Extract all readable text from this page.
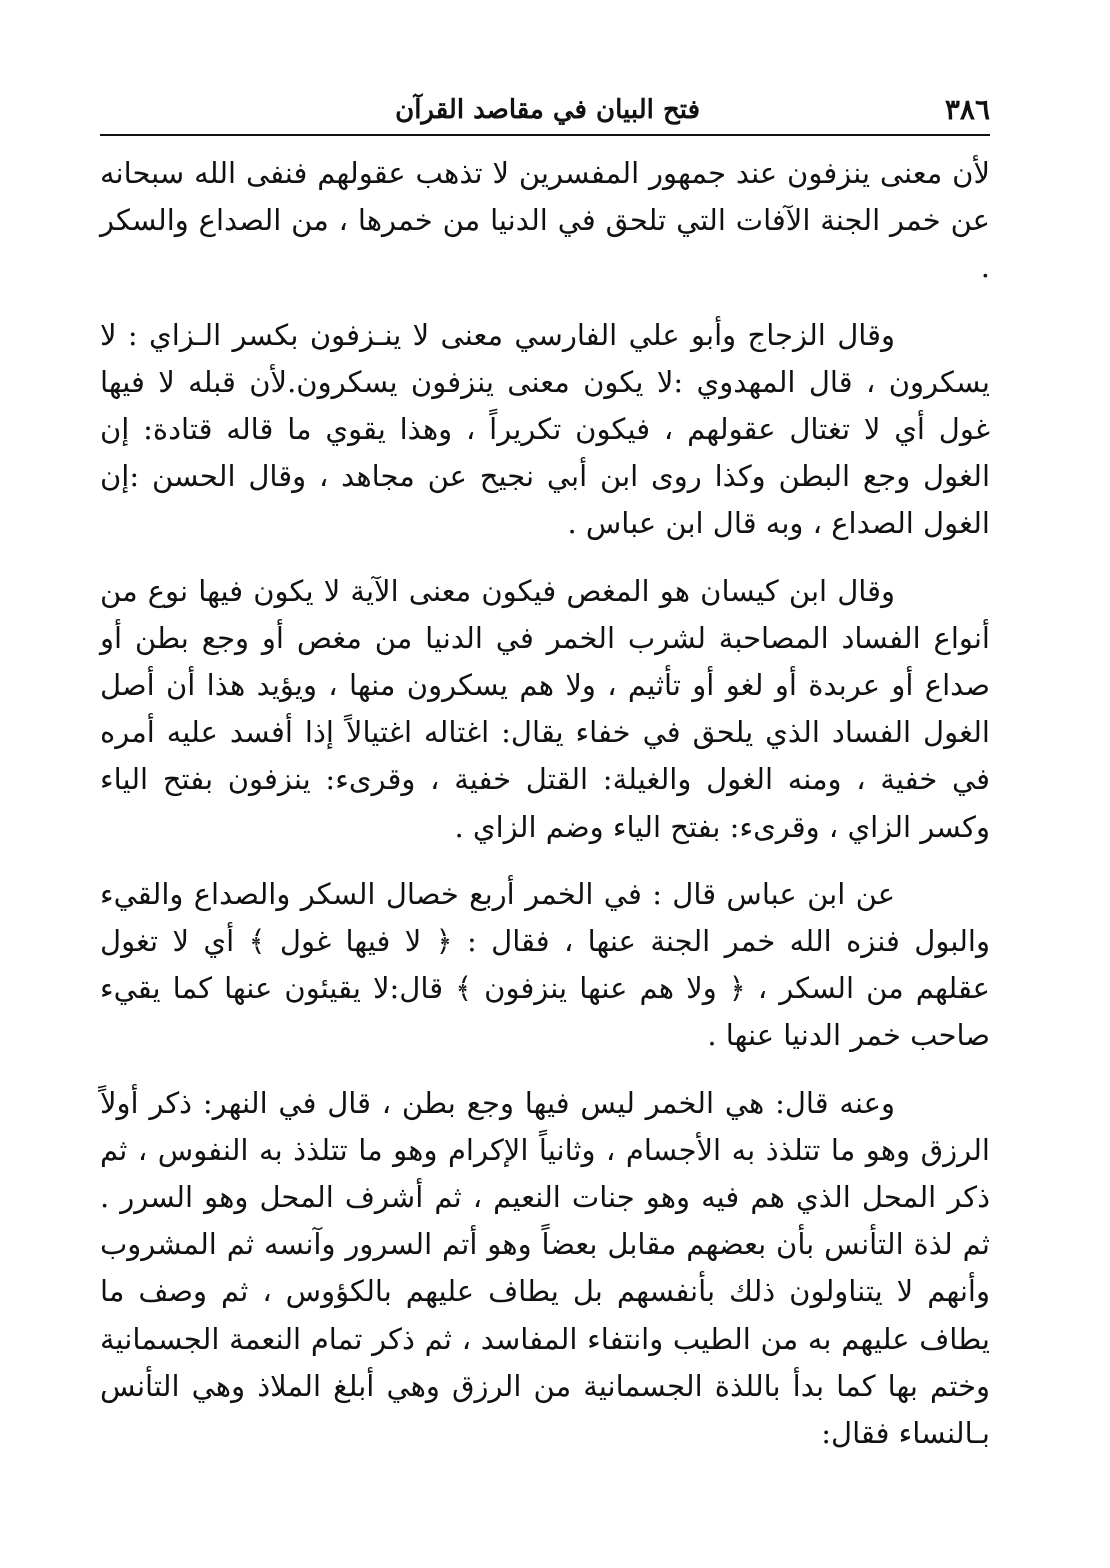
٣٨٦
فتح البيان في مقاصد القرآن

لأن معنى ينزفون عند جمهور المفسرين لا تذهب عقولهم فنفى الله سبحانه عن خمر الجنة الآفات التي تلحق في الدنيا من خمرها ، من الصداع والسكر .

وقال الزجاج وأبو علي الفارسي معنى لا ينـزفون بكسر الـزاي : لا يسكرون ، قال المهدوي :لا يكون معنى ينزفون يسكرون.لأن قبله لا فيها غول أي لا تغتال عقولهم ، فيكون تكريراً ، وهذا يقوي ما قاله قتادة: إن الغول وجع البطن وكذا روى ابن أبي نجيح عن مجاهد ، وقال الحسن :إن الغول الصداع ، وبه قال ابن عباس .

وقال ابن كيسان هو المغص فيكون معنى الآية لا يكون فيها نوع من أنواع الفساد المصاحبة لشرب الخمر في الدنيا من مغص أو وجع بطن أو صداع أو عربدة أو لغو أو تأثيم ، ولا هم يسكرون منها ، ويؤيد هذا أن أصل الغول الفساد الذي يلحق في خفاء يقال: اغتاله اغتيالاً إذا أفسد عليه أمره في خفية ، ومنه الغول والغيلة: القتل خفية ، وقرىء: ينزفون بفتح الياء وكسر الزاي ، وقرىء: بفتح الياء وضم الزاي .

عن ابن عباس قال : في الخمر أربع خصال السكر والصداع والقيء والبول فنزه الله خمر الجنة عنها ، فقال : ﴿ لا فيها غول ﴾ أي لا تغول عقلهم من السكر ، ﴿ ولا هم عنها ينزفون ﴾ قال:لا يقيئون عنها كما يقيء صاحب خمر الدنيا عنها .

وعنه قال: هي الخمر ليس فيها وجع بطن ، قال في النهر: ذكر أولاً الرزق وهو ما تتلذذ به الأجسام ، وثانياً الإكرام وهو ما تتلذذ به النفوس ، ثم ذكر المحل الذي هم فيه وهو جنات النعيم ، ثم أشرف المحل وهو السرر . ثم لذة التأنس بأن بعضهم مقابل بعضاً وهو أتم السرور وآنسه ثم المشروب وأنهم لا يتناولون ذلك بأنفسهم بل يطاف عليهم بالكؤوس ، ثم وصف ما يطاف عليهم به من الطيب وانتفاء المفاسد ، ثم ذكر تمام النعمة الجسمانية وختم بها كما بدأ باللذة الجسمانية من الرزق وهي أبلغ الملاذ وهي التأنس بـالنساء فقال:
